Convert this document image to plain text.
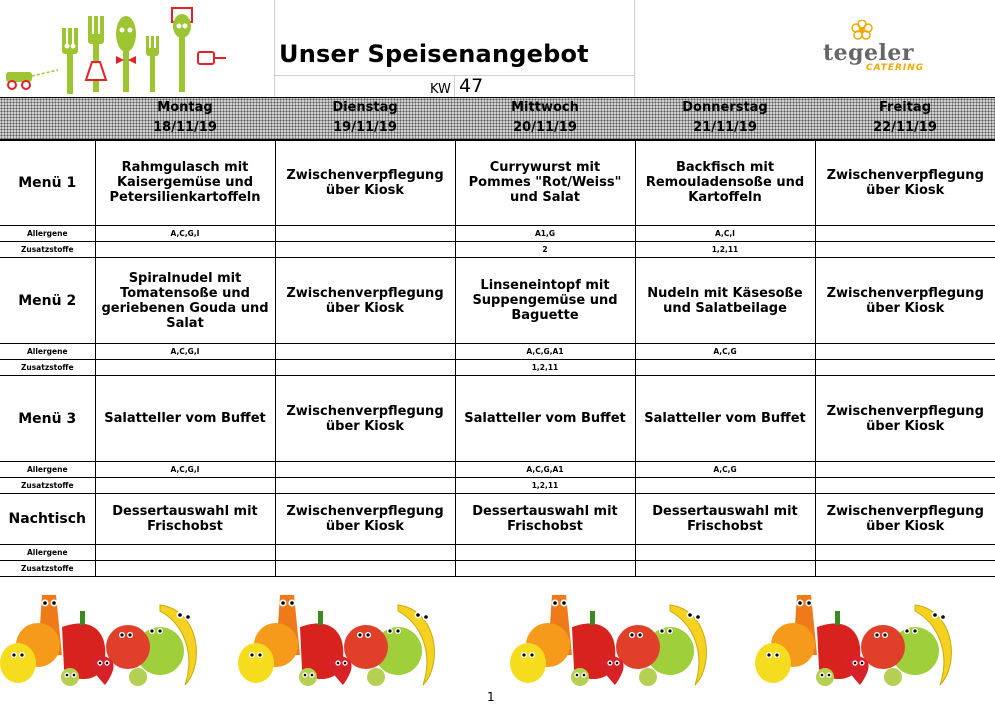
Unser Speisenangebot
KW 47
tegeler
CATERING
Montag
18/11/19
Dienstag
19/11/19
Mittwoch
20/11/19
Donnerstag
21/11/19
Freitag
22/11/19
Menü 1	Rahmgulasch mit Kaisergemüse und Petersilienkartoffeln	Zwischenverpflegung über Kiosk	Currywurst mit Pommes "Rot/Weiss" und Salat	Backfisch mit Remouladensoße und Kartoffeln	Zwischenverpflegung über Kiosk
Allergene	A,C,G,I		A1,G	A,C,I	
Zusatzstoffe			2	1,2,11	
Menü 2	Spiralnudel mit Tomatensoße und geriebenen Gouda und Salat	Zwischenverpflegung über Kiosk	Linseneintopf mit Suppengemüse und Baguette	Nudeln mit Käsesoße und Salatbeilage	Zwischenverpflegung über Kiosk
Allergene	A,C,G,I		A,C,G,A1	A,C,G	
Zusatzstoffe			1,2,11		
Menü 3	Salatteller vom Buffet	Zwischenverpflegung über Kiosk	Salatteller vom Buffet	Salatteller vom Buffet	Zwischenverpflegung über Kiosk
Allergene	A,C,G,I		A,C,G,A1	A,C,G	
Zusatzstoffe			1,2,11		
Nachtisch	Dessertauswahl mit Frischobst	Zwischenverpflegung über Kiosk	Dessertauswahl mit Frischobst	Dessertauswahl mit Frischobst	Zwischenverpflegung über Kiosk
Allergene					
Zusatzstoffe					
1
